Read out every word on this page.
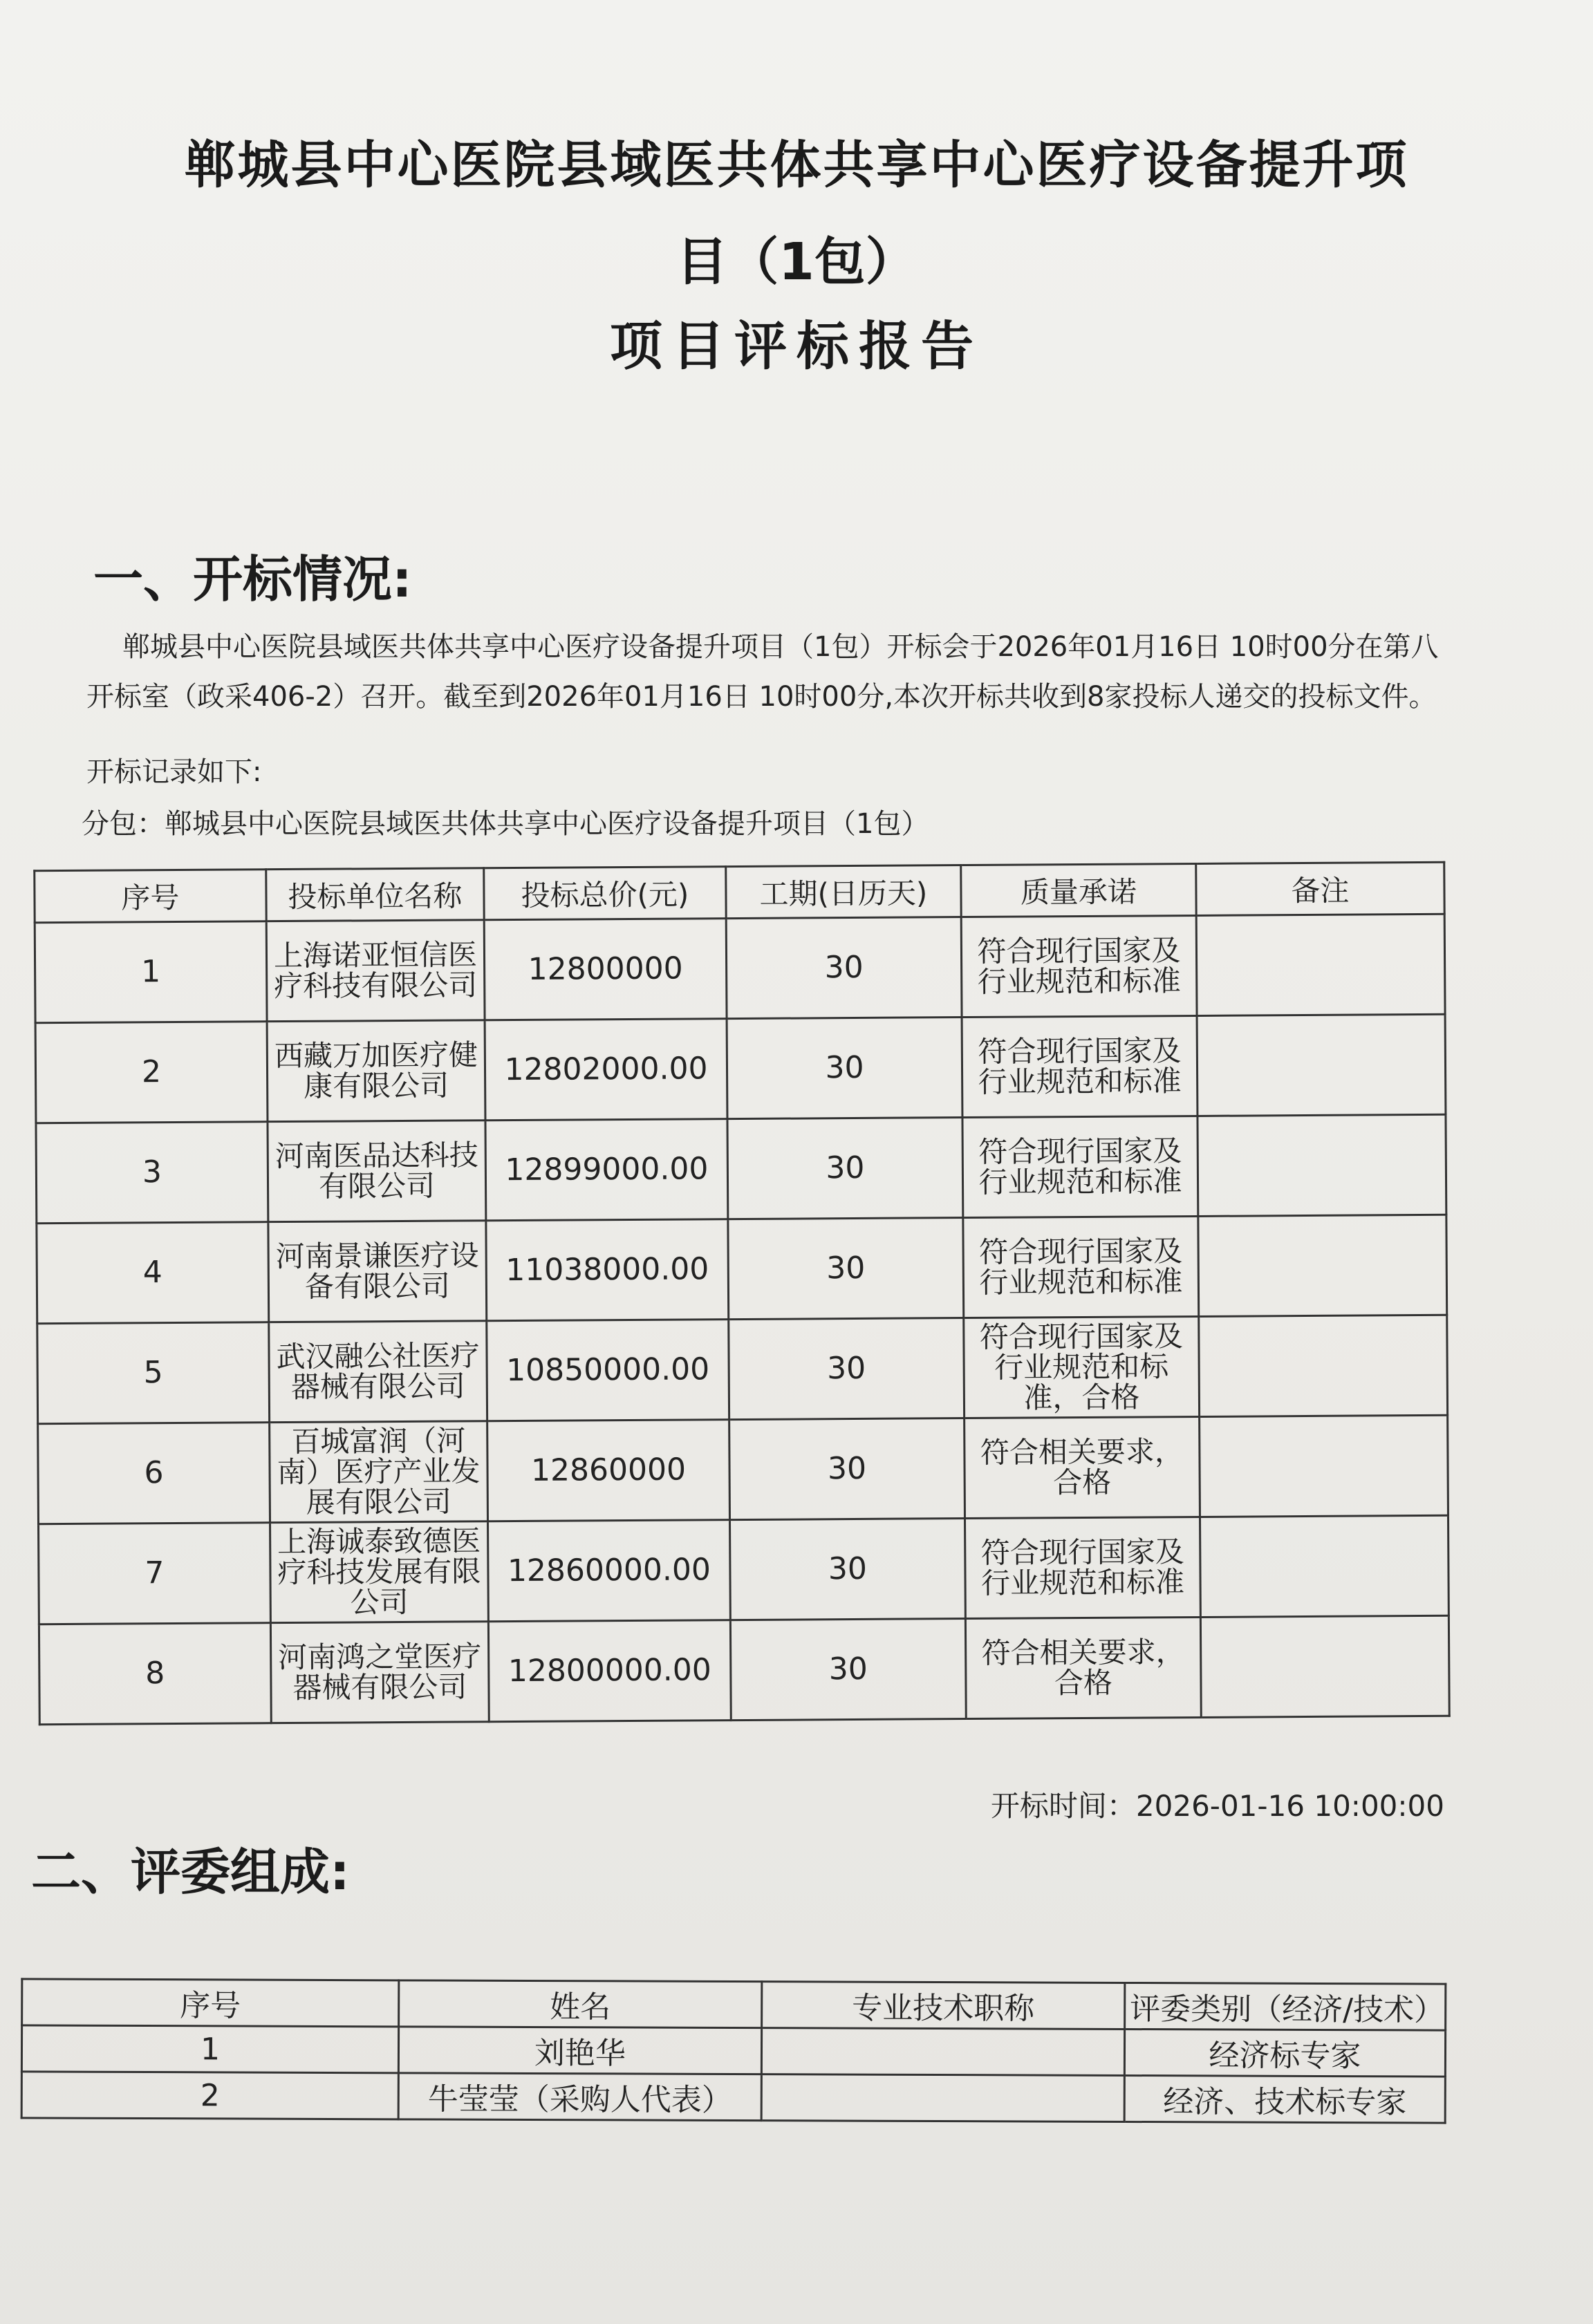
郸城县中心医院县域医共体共享中心医疗设备提升项
目（1包）
项目评标报告
一、开标情况:
郸城县中心医院县域医共体共享中心医疗设备提升项目（1包）开标会于2026年01月16日 10时00分在第八开标室（政采406-2）召开。截至到2026年01月16日 10时00分,本次开标共收到8家投标人递交的投标文件。
开标记录如下:
分包：郸城县中心医院县域医共体共享中心医疗设备提升项目（1包）
序号	投标单位名称	投标总价(元)	工期(日历天)	质量承诺	备注
1	上海诺亚恒信医疗科技有限公司	12800000	30	符合现行国家及行业规范和标准	
2	西藏万加医疗健康有限公司	12802000.00	30	符合现行国家及行业规范和标准	
3	河南医品达科技有限公司	12899000.00	30	符合现行国家及行业规范和标准	
4	河南景谦医疗设备有限公司	11038000.00	30	符合现行国家及行业规范和标准	
5	武汉融公社医疗器械有限公司	10850000.00	30	符合现行国家及行业规范和标准，合格	
6	百城富润（河南）医疗产业发展有限公司	12860000	30	符合相关要求，合格	
7	上海诚泰致德医疗科技发展有限公司	12860000.00	30	符合现行国家及行业规范和标准	
8	河南鸿之堂医疗器械有限公司	12800000.00	30	符合相关要求，合格	
开标时间：2026-01-16 10:00:00
二、评委组成:
序号	姓名	专业技术职称	评委类别（经济/技术）
1	刘艳华		经济标专家
2	牛莹莹（采购人代表）		经济、技术标专家
